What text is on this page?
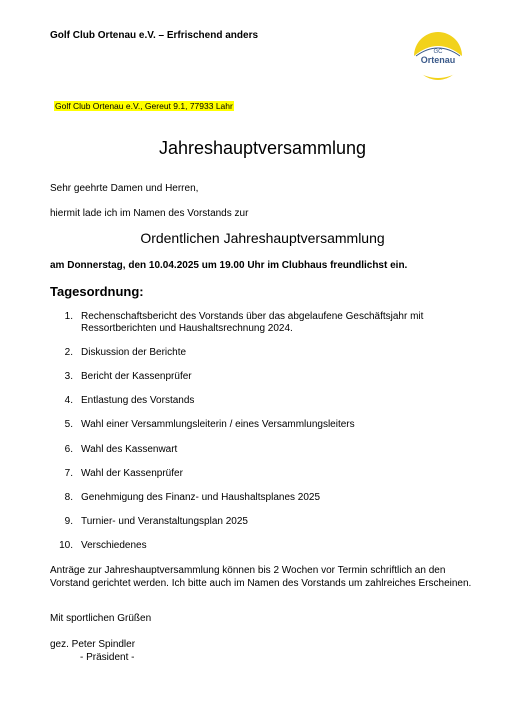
Golf Club Ortenau e.V. – Erfrischend anders
GC
Ortenau
Golf Club Ortenau e.V., Gereut 9.1, 77933 Lahr
Jahreshauptversammlung
Sehr geehrte Damen und Herren,
hiermit lade ich im Namen des Vorstands zur
Ordentlichen Jahreshauptversammlung
am Donnerstag, den 10.04.2025 um 19.00 Uhr im Clubhaus freundlichst ein.
Tagesordnung:
1. Rechenschaftsbericht des Vorstands über das abgelaufene Geschäftsjahr mit Ressortberichten und Haushaltsrechnung 2024.
2. Diskussion der Berichte
3. Bericht der Kassenprüfer
4. Entlastung des Vorstands
5. Wahl einer Versammlungsleiterin / eines Versammlungsleiters
6. Wahl des Kassenwart
7. Wahl der Kassenprüfer
8. Genehmigung des Finanz- und Haushaltsplanes 2025
9. Turnier- und Veranstaltungsplan 2025
10. Verschiedenes
Anträge zur Jahreshauptversammlung können bis 2 Wochen vor Termin schriftlich an den Vorstand gerichtet werden. Ich bitte auch im Namen des Vorstands um zahlreiches Erscheinen.
Mit sportlichen Grüßen
gez. Peter Spindler
- Präsident -
